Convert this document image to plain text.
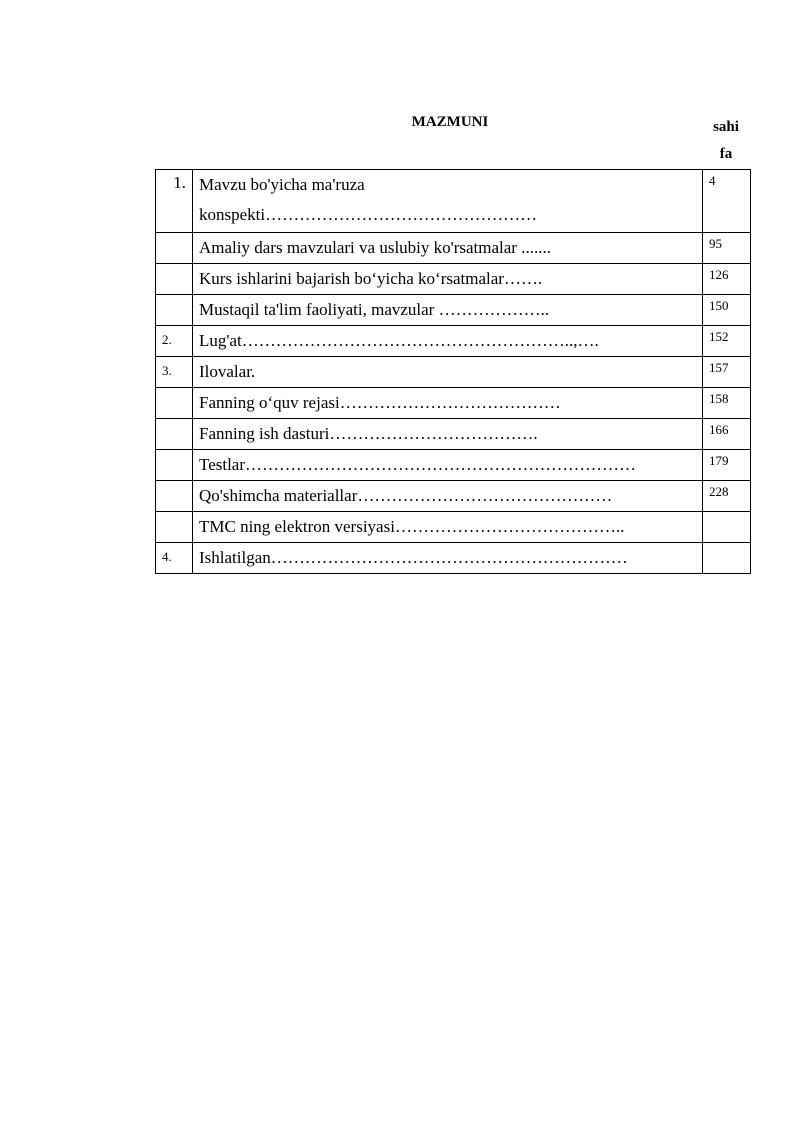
MAZMUNI	sahifa
1.	Mavzu bo'yicha ma'ruza
konspekti…………………………………………	4
	Amaliy dars mavzulari va uslubiy ko'rsatmalar .......	95
	Kurs ishlarini bajarish bo‘yicha ko‘rsatmalar…….	126
	Mustaqil ta'lim faoliyati, mavzular ………………..	150
2.	Lug'at…………………………………………………..,….	152
3.	Ilovalar.	157
	Fanning o‘quv rejasi…………………………………	158
	Fanning ish dasturi……………………………….	166
	Testlar……………………………………………………………	179
	Qo'shimcha materiallar………………………………………	228
	TMC ning elektron versiyasi…………………………………..	
4.	Ishlatilgan………………………………………………………	
